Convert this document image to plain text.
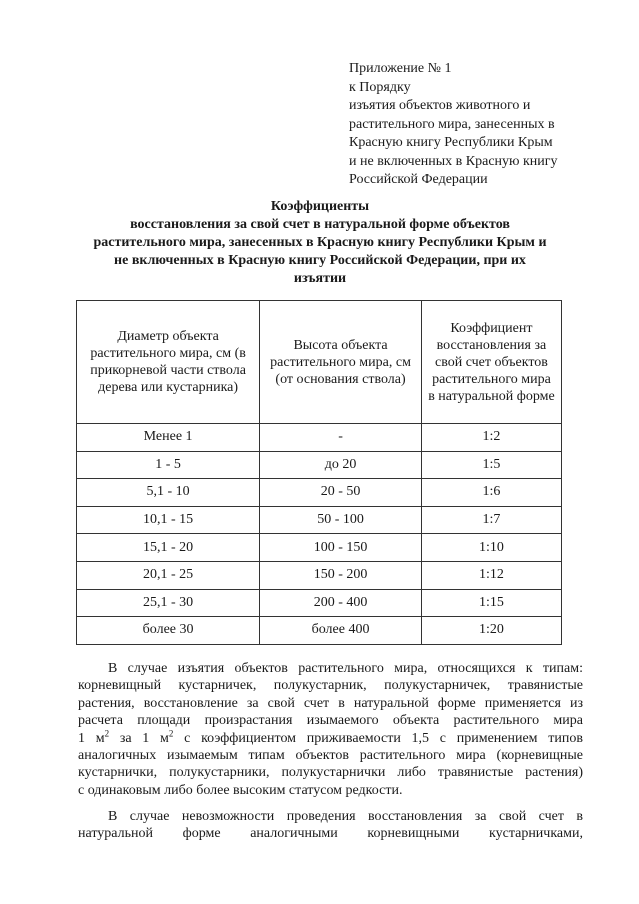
Приложение № 1
к Порядку
изъятия объектов животного и
растительного мира, занесенных в
Красную книгу Республики Крым
и не включенных в Красную книгу
Российской Федерации
Коэффициенты
восстановления за свой счет в натуральной форме объектов
растительного мира, занесенных в Красную книгу Республики Крым и
не включенных в Красную книгу Российской Федерации, при их
изъятии
Диаметр объекта растительного мира, см (в прикорневой части ствола дерева или кустарника)	Высота объекта растительного мира, см (от основания ствола)	Коэффициент восстановления за свой счет объектов растительного мира в натуральной форме
Менее 1	-	1:2
1 - 5	до 20	1:5
5,1 - 10	20 - 50	1:6
10,1 - 15	50 - 100	1:7
15,1 - 20	100 - 150	1:10
20,1 - 25	150 - 200	1:12
25,1 - 30	200 - 400	1:15
более 30	более 400	1:20
В случае изъятия объектов растительного мира, относящихся к типам:
корневищный кустарничек, полукустарник, полукустарничек, травянистые
растения, восстановление за свой счет в натуральной форме применяется из
расчета площади произрастания изымаемого объекта растительного мира
1 $м^2$ за 1 $м^2$ с коэффициентом приживаемости 1,5 с применением типов
аналогичных изымаемым типам объектов растительного мира (корневищные
кустарнички, полукустарники, полукустарнички либо травянистые растения)
с одинаковым либо более высоким статусом редкости.
В случае невозможности проведения восстановления за свой счет в
натуральной форме аналогичными корневищными кустарничками,
